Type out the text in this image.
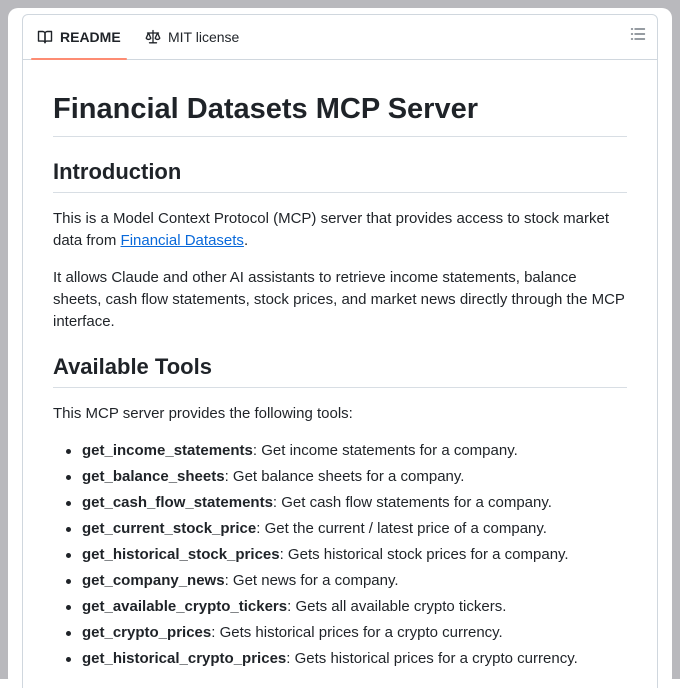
README	MIT license
Financial Datasets MCP Server
Introduction

This is a Model Context Protocol (MCP) server that provides access to stock market data from Financial Datasets.

It allows Claude and other AI assistants to retrieve income statements, balance sheets, cash flow statements, stock prices, and market news directly through the MCP interface.

Available Tools

This MCP server provides the following tools:

get_income_statements: Get income statements for a company.
get_balance_sheets: Get balance sheets for a company.
get_cash_flow_statements: Get cash flow statements for a company.
get_current_stock_price: Get the current / latest price of a company.
get_historical_stock_prices: Gets historical stock prices for a company.
get_company_news: Get news for a company.
get_available_crypto_tickers: Gets all available crypto tickers.
get_crypto_prices: Gets historical prices for a crypto currency.
get_historical_crypto_prices: Gets historical prices for a crypto currency.
